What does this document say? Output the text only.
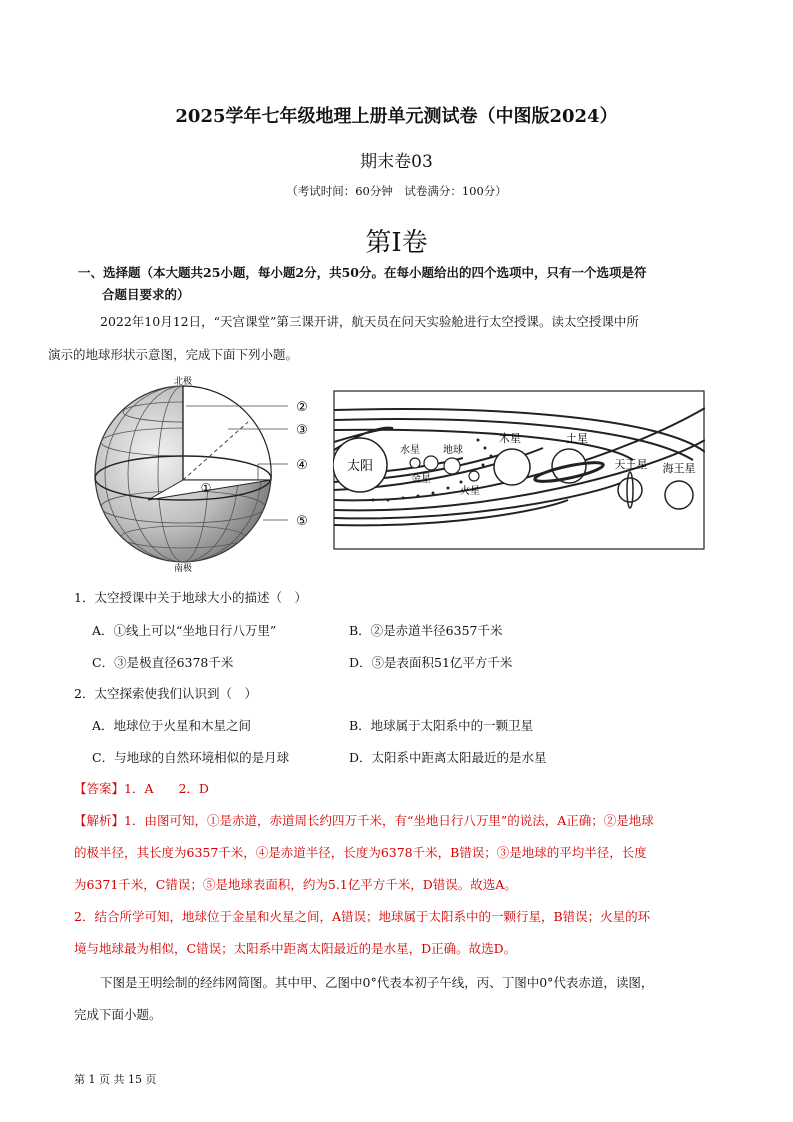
2025学年七年级地理上册单元测试卷（中图版2024）
期末卷03
（考试时间：60分钟　试卷满分：100分）
第I卷
一、选择题（本大题共25小题，每小题2分，共50分。在每小题给出的四个选项中，只有一个选项是符
合题目要求的）
2022年10月12日，“天宫课堂”第三课开讲，航天员在问天实验舱进行太空授课。读太空授课中所
演示的地球形状示意图，完成下面下列小题。
北极
南极
①
②
③
④
⑤
太阳
水星
金星
地球
火星
木星	土星
天王星 海王星
1．太空授课中关于地球大小的描述（　）
A．①线上可以“坐地日行八万里”	B．②是赤道半径6357千米
C．③是极直径6378千米	D．⑤是表面积51亿平方千米
2．太空探索使我们认识到（　）
A．地球位于火星和木星之间	B．地球属于太阳系中的一颗卫星
C．与地球的自然环境相似的是月球	D．太阳系中距离太阳最近的是水星
【答案】1．A　　2．D
【解析】1．由图可知，①是赤道，赤道周长约四万千米，有“坐地日行八万里”的说法，A正确；②是地球
的极半径，其长度为6357千米，④是赤道半径，长度为6378千米，B错误；③是地球的平均半径，长度
为6371千米，C错误；⑤是地球表面积，约为5.1亿平方千米，D错误。故选A。
2．结合所学可知，地球位于金星和火星之间，A错误；地球属于太阳系中的一颗行星，B错误；火星的环
境与地球最为相似，C错误；太阳系中距离太阳最近的是水星，D正确。故选D。
下图是王明绘制的经纬网简图。其中甲、乙图中0°代表本初子午线，丙、丁图中0°代表赤道，读图，
完成下面小题。
第 1 页 共 15 页
